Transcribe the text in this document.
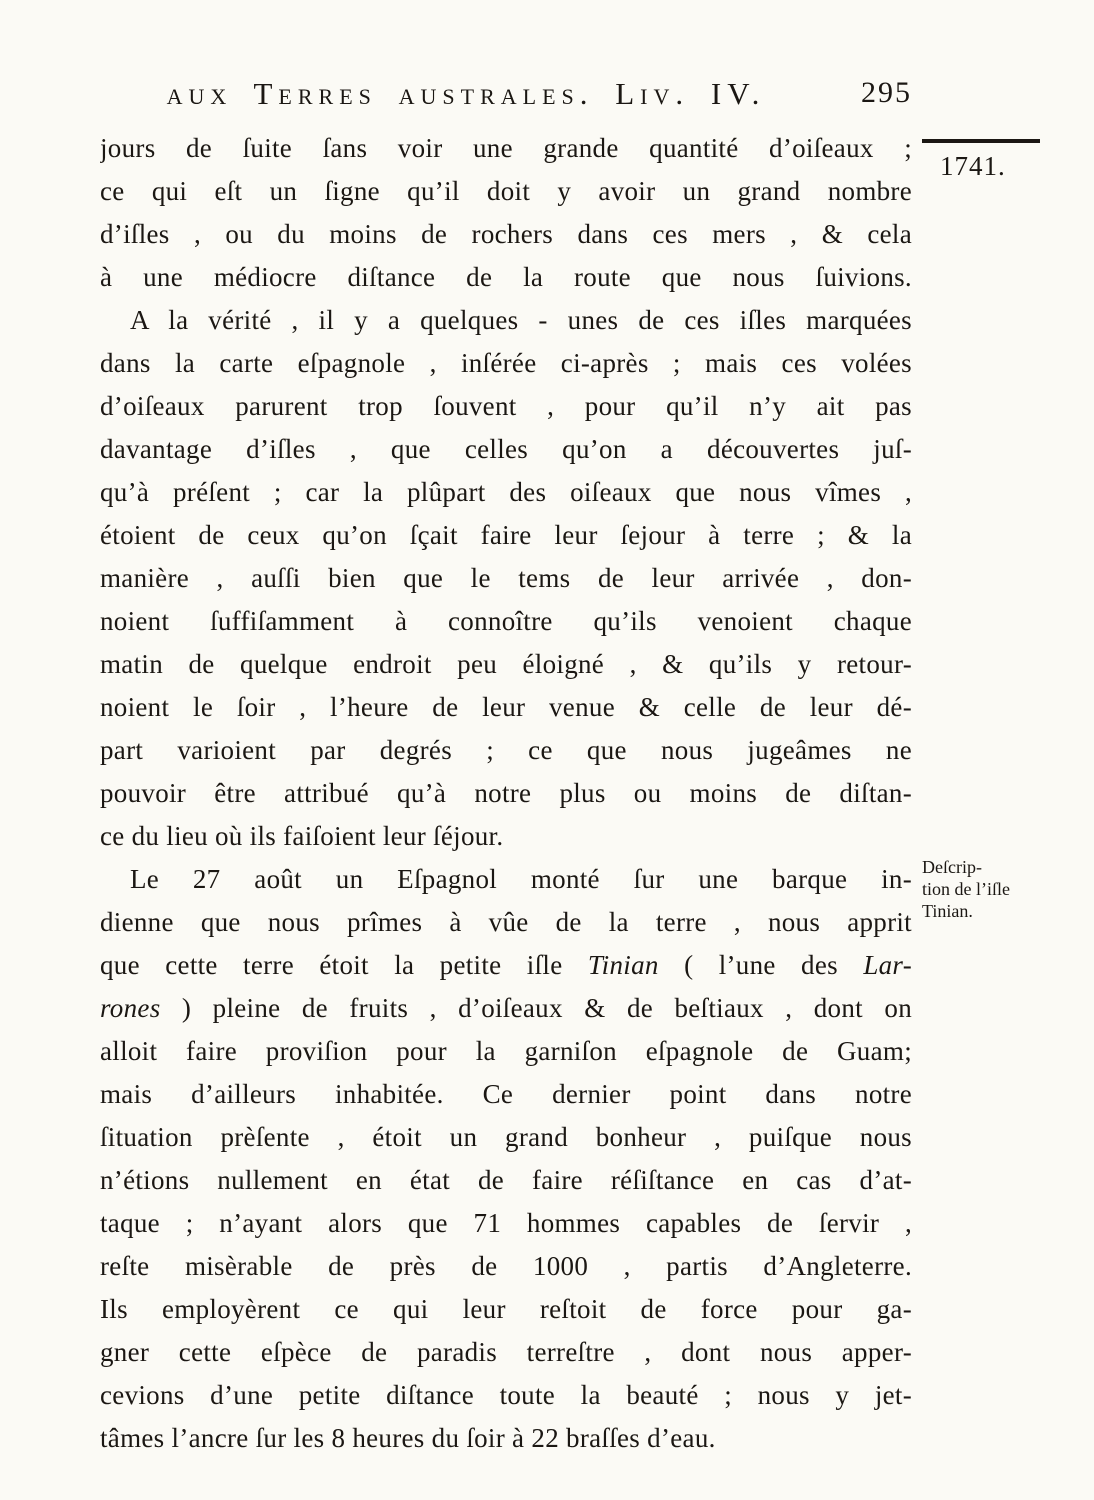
aux Terres australes. Liv. IV.	295
1741.
Deſcrip-
tion de l’iſle
Tinian.
jours de ſuite ſans voir une grande quantité d’oiſeaux ;
ce qui eſt un ſigne qu’il doit y avoir un grand nombre
d’iſles , ou du moins de rochers dans ces mers , & cela
à une médiocre diſtance de la route que nous ſuivions.
A la vérité , il y a quelques - unes de ces iſles marquées
dans la carte eſpagnole , inſérée ci-après ; mais ces volées
d’oiſeaux parurent trop ſouvent , pour qu’il n’y ait pas
davantage d’iſles , que celles qu’on a découvertes juſ-
qu’à préſent ; car la plûpart des oiſeaux que nous vîmes ,
étoient de ceux qu’on ſçait faire leur ſejour à terre ; & la
manière , auſſi bien que le tems de leur arrivée , don-
noient ſuffiſamment à connoître qu’ils venoient chaque
matin de quelque endroit peu éloigné , & qu’ils y retour-
noient le ſoir , l’heure de leur venue & celle de leur dé-
part varioient par degrés ; ce que nous jugeâmes ne
pouvoir être attribué qu’à notre plus ou moins de diſtan-
ce du lieu où ils faiſoient leur ſéjour.
Le 27 août un Eſpagnol monté ſur une barque in-
dienne que nous prîmes à vûe de la terre , nous apprit
que cette terre étoit la petite iſle Tinian ( l’une des Lar-
rones ) pleine de fruits , d’oiſeaux & de beſtiaux , dont on
alloit faire proviſion pour la garniſon eſpagnole de Guam;
mais d’ailleurs inhabitée. Ce dernier point dans notre
ſituation prèſente , étoit un grand bonheur , puiſque nous
n’étions nullement en état de faire réſiſtance en cas d’at-
taque ; n’ayant alors que 71 hommes capables de ſervir ,
reſte misèrable de près de 1000 , partis d’Angleterre.
Ils employèrent ce qui leur reſtoit de force pour ga-
gner cette eſpèce de paradis terreſtre , dont nous apper-
cevions d’une petite diſtance toute la beauté ; nous y jet-
tâmes l’ancre ſur les 8 heures du ſoir à 22 braſſes d’eau.
